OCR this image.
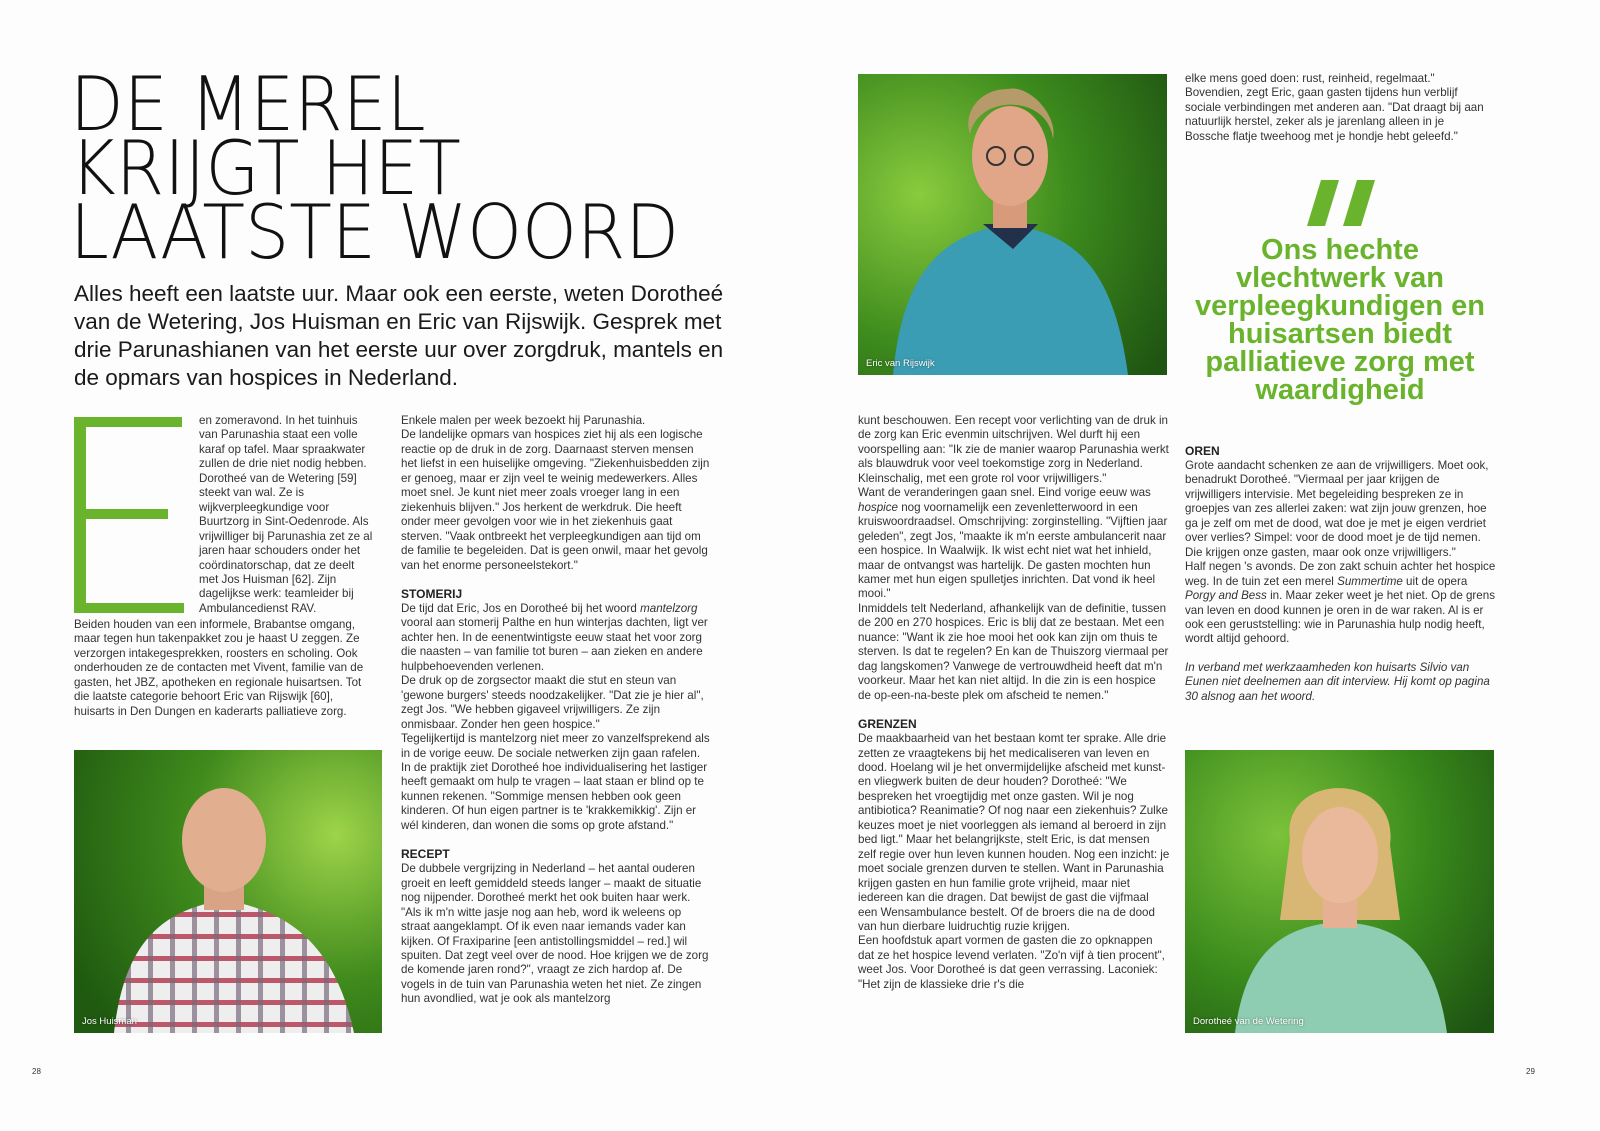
DE MEREL
KRIJGT HET
LAATSTE WOORD

Alles heeft een laatste uur. Maar ook een eerste, weten Dorotheé van de Wetering, Jos Huisman en Eric van Rijswijk. Gesprek met drie Parunashianen van het eerste uur over zorgdruk, mantels en de opmars van hospices in Nederland.

en zomeravond. In het tuinhuis van Parunashia staat een volle karaf op tafel. Maar spraakwater zullen de drie niet nodig hebben. Dorotheé van de Wetering [59] steekt van wal. Ze is wijkverpleegkundige voor Buurtzorg in Sint-Oedenrode. Als vrijwilliger bij Parunashia zet ze al jaren haar schouders onder het coördinatorschap, dat ze deelt met Jos Huisman [62]. Zijn dagelijkse werk: teamleider bij Ambulancedienst RAV.

Beiden houden van een informele, Brabantse omgang, maar tegen hun takenpakket zou je haast U zeggen. Ze verzorgen intakegesprekken, roosters en scholing. Ook onderhouden ze de contacten met Vivent, familie van de gasten, het JBZ, apotheken en regionale huisartsen. Tot die laatste categorie behoort Eric van Rijswijk [60], huisarts in Den Dungen en kaderarts palliatieve zorg.

Jos Huisman

Enkele malen per week bezoekt hij Parunashia.

De landelijke opmars van hospices ziet hij als een logische reactie op de druk in de zorg. Daarnaast sterven mensen het liefst in een huiselijke omgeving. "Ziekenhuisbedden zijn er genoeg, maar er zijn veel te weinig medewerkers. Alles moet snel. Je kunt niet meer zoals vroeger lang in een ziekenhuis blijven." Jos herkent de werkdruk. Die heeft onder meer gevolgen voor wie in het ziekenhuis gaat sterven. "Vaak ontbreekt het verpleegkundigen aan tijd om de familie te begeleiden. Dat is geen onwil, maar het gevolg van het enorme personeelstekort."

STOMERIJ

De tijd dat Eric, Jos en Dorotheé bij het woord mantelzorg vooral aan stomerij Palthe en hun winterjas dachten, ligt ver achter hen. In de eenentwintigste eeuw staat het voor zorg die naasten – van familie tot buren – aan zieken en andere hulpbehoevenden verlenen.

De druk op de zorgsector maakt die stut en steun van 'gewone burgers' steeds noodzakelijker. "Dat zie je hier al", zegt Jos. "We hebben gigaveel vrijwilligers. Ze zijn onmisbaar. Zonder hen geen hospice."

Tegelijkertijd is mantelzorg niet meer zo vanzelfsprekend als in de vorige eeuw. De sociale netwerken zijn gaan rafelen. In de praktijk ziet Dorotheé hoe individualisering het lastiger heeft gemaakt om hulp te vragen – laat staan er blind op te kunnen rekenen. "Sommige mensen hebben ook geen kinderen. Of hun eigen partner is te 'krakkemikkig'. Zijn er wél kinderen, dan wonen die soms op grote afstand."

RECEPT

De dubbele vergrijzing in Nederland – het aantal ouderen groeit en leeft gemiddeld steeds langer – maakt de situatie nog nijpender. Dorotheé merkt het ook buiten haar werk. "Als ik m'n witte jasje nog aan heb, word ik weleens op straat aangeklampt. Of ik even naar iemands vader kan kijken. Of Fraxiparine [een antistollingsmiddel – red.] wil spuiten. Dat zegt veel over de nood. Hoe krijgen we de zorg de komende jaren rond?", vraagt ze zich hardop af. De vogels in de tuin van Parunashia weten het niet. Ze zingen hun avondlied, wat je ook als mantelzorg

28
Eric van Rijswijk

kunt beschouwen. Een recept voor verlichting van de druk in de zorg kan Eric evenmin uitschrijven. Wel durft hij een voorspelling aan: "Ik zie de manier waarop Parunashia werkt als blauwdruk voor veel toekomstige zorg in Nederland. Kleinschalig, met een grote rol voor vrijwilligers."

Want de veranderingen gaan snel. Eind vorige eeuw was hospice nog voornamelijk een zevenletterwoord in een kruiswoordraadsel. Omschrijving: zorginstelling. "Vijftien jaar geleden", zegt Jos, "maakte ik m'n eerste ambulancerit naar een hospice. In Waalwijk. Ik wist echt niet wat het inhield, maar de ontvangst was hartelijk. De gasten mochten hun kamer met hun eigen spulletjes inrichten. Dat vond ik heel mooi."

Inmiddels telt Nederland, afhankelijk van de definitie, tussen de 200 en 270 hospices. Eric is blij dat ze bestaan. Met een nuance: "Want ik zie hoe mooi het ook kan zijn om thuis te sterven. Is dat te regelen? En kan de Thuiszorg viermaal per dag langskomen? Vanwege de vertrouwdheid heeft dat m'n voorkeur. Maar het kan niet altijd. In die zin is een hospice de op-een-na-beste plek om afscheid te nemen."

GRENZEN

De maakbaarheid van het bestaan komt ter sprake. Alle drie zetten ze vraagtekens bij het medicaliseren van leven en dood. Hoelang wil je het onvermijdelijke afscheid met kunst- en vliegwerk buiten de deur houden? Dorotheé: "We bespreken het vroegtijdig met onze gasten. Wil je nog antibiotica? Reanimatie? Of nog naar een ziekenhuis? Zulke keuzes moet je niet voorleggen als iemand al beroerd in zijn bed ligt." Maar het belangrijkste, stelt Eric, is dat mensen zelf regie over hun leven kunnen houden. Nog een inzicht: je moet sociale grenzen durven te stellen. Want in Parunashia krijgen gasten en hun familie grote vrijheid, maar niet iedereen kan die dragen. Dat bewijst de gast die vijfmaal een Wensambulance bestelt. Of de broers die na de dood van hun dierbare luidruchtig ruzie krijgen.

Een hoofdstuk apart vormen de gasten die zo opknappen dat ze het hospice levend verlaten. "Zo'n vijf à tien procent", weet Jos. Voor Dorotheé is dat geen verrassing. Laconiek: "Het zijn de klassieke drie r's die

elke mens goed doen: rust, reinheid, regelmaat." Bovendien, zegt Eric, gaan gasten tijdens hun verblijf sociale verbindingen met anderen aan. "Dat draagt bij aan natuurlijk herstel, zeker als je jarenlang alleen in je Bossche flatje tweehoog met je hondje hebt geleefd."

Ons hechte vlechtwerk van verpleegkundigen en huisartsen biedt palliatieve zorg met waardigheid
OREN

Grote aandacht schenken ze aan de vrijwilligers. Moet ook, benadrukt Dorotheé. "Viermaal per jaar krijgen de vrijwilligers intervisie. Met begeleiding bespreken ze in groepjes van zes allerlei zaken: wat zijn jouw grenzen, hoe ga je zelf om met de dood, wat doe je met je eigen verdriet over verlies? Simpel: voor de dood moet je de tijd nemen. Die krijgen onze gasten, maar ook onze vrijwilligers."

Half negen 's avonds. De zon zakt schuin achter het hospice weg. In de tuin zet een merel Summertime uit de opera Porgy and Bess in. Maar zeker weet je het niet. Op de grens van leven en dood kunnen je oren in de war raken. Al is er ook een geruststelling: wie in Parunashia hulp nodig heeft, wordt altijd gehoord.

In verband met werkzaamheden kon huisarts Silvio van Eunen niet deelnemen aan dit interview. Hij komt op pagina 30 alsnog aan het woord.

Dorotheé van de Wetering
29
